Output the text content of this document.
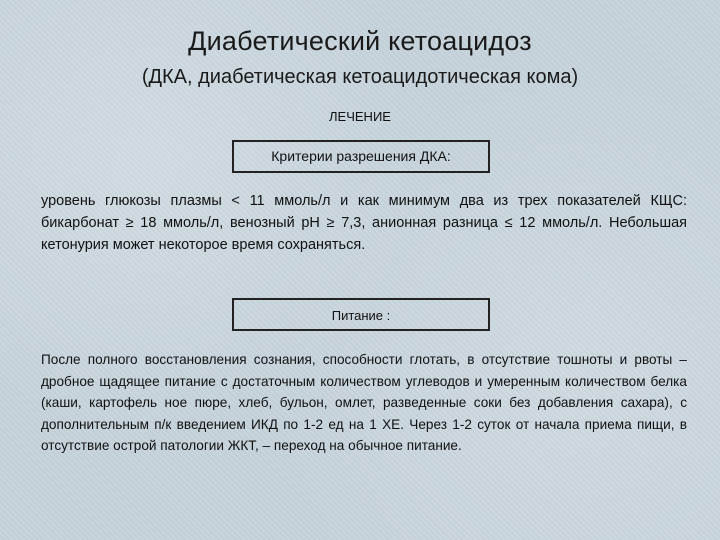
Диабетический кетоацидоз
(ДКА, диабетическая кетоацидотическая кома)
ЛЕЧЕНИЕ
Критерии разрешения ДКА:
уровень глюкозы плазмы < 11 ммоль/л и как минимум два из трех показателей КЩС: бикарбонат ≥ 18 ммоль/л, венозный рН ≥ 7,3, анионная разница ≤ 12 ммоль/л. Небольшая кетонурия может некоторое время сохраняться.
Питание :
После полного восстановления сознания, способности глотать, в отсутствие тошноты и рвоты – дробное щадящее питание с достаточным количеством углеводов и умеренным количеством белка (каши, картофель ное пюре, хлеб, бульон, омлет, разведенные соки без добавления сахара), с дополнительным п/к введением ИКД по 1-2 ед на 1 ХЕ. Через 1-2 суток от начала приема пищи, в отсутствие острой патологии ЖКТ, – переход на обычное питание.
